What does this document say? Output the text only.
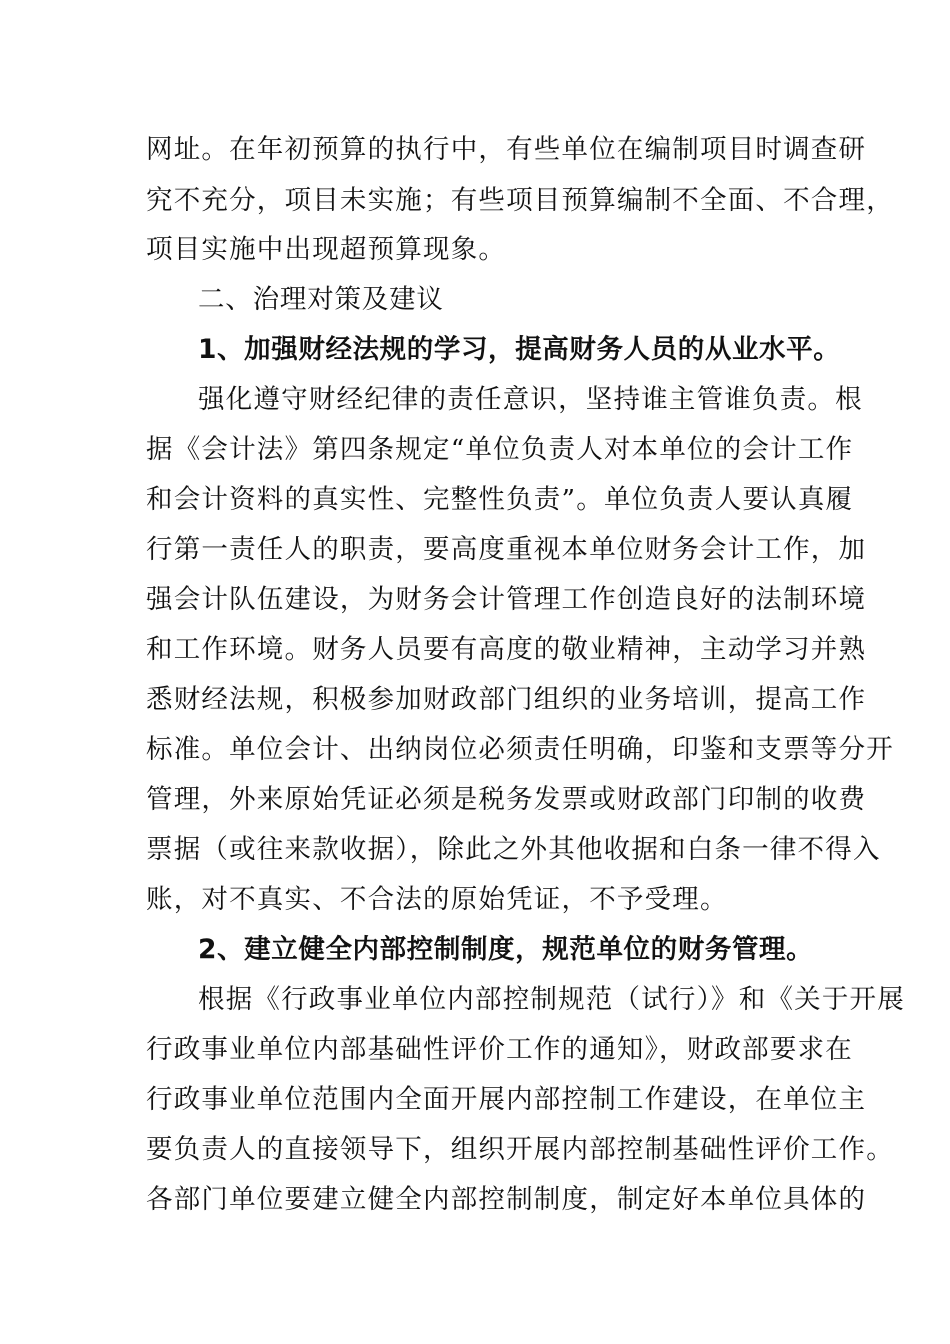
网址。在年初预算的执行中，有些单位在编制项目时调查研
究不充分，项目未实施；有些项目预算编制不全面、不合理，
项目实施中出现超预算现象。
二、治理对策及建议
1、加强财经法规的学习，提高财务人员的从业水平。
强化遵守财经纪律的责任意识，坚持谁主管谁负责。根
据《会计法》第四条规定“单位负责人对本单位的会计工作
和会计资料的真实性、完整性负责”。单位负责人要认真履
行第一责任人的职责，要高度重视本单位财务会计工作，加
强会计队伍建设，为财务会计管理工作创造良好的法制环境
和工作环境。财务人员要有高度的敬业精神，主动学习并熟
悉财经法规，积极参加财政部门组织的业务培训，提高工作
标准。单位会计、出纳岗位必须责任明确，印鉴和支票等分开
管理，外来原始凭证必须是税务发票或财政部门印制的收费
票据（或往来款收据），除此之外其他收据和白条一律不得入
账，对不真实、不合法的原始凭证，不予受理。
2、建立健全内部控制制度，规范单位的财务管理。
根据《行政事业单位内部控制规范（试行）》和《关于开展
行政事业单位内部基础性评价工作的通知》，财政部要求在
行政事业单位范围内全面开展内部控制工作建设，在单位主
要负责人的直接领导下，组织开展内部控制基础性评价工作。
各部门单位要建立健全内部控制制度，制定好本单位具体的
